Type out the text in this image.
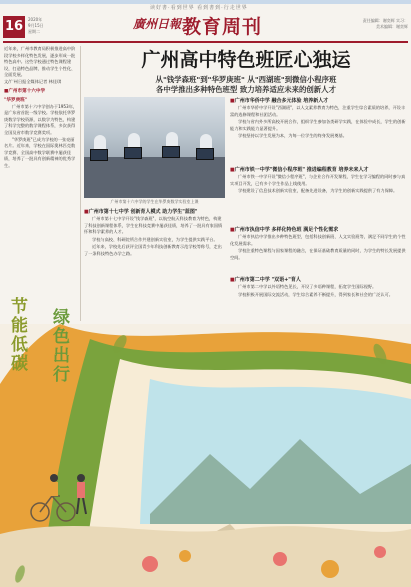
读好書·看到世界 看到書到·行走世界
16	2020年
9月15日
星期二
廣州日報 教育周刊	责任编辑：谢奕辉 实习：
美术编辑：谢奕辉

近年来，广州市教育局积极推进高中阶段学校多样化特色发展，逐步形成一批特色高中。这些学校通过特色课程建设，打造特色品牌，推动学生个性化、全面发展。

文/广州日报全媒体记者 林佳琪

■广州市第十六中学

"华罗庚班"

广州市第十六中学创办于1953年，是广东省首批一级学校。学校依托华罗庚数学学校资源，以数学为特色，构建了科学完整的数学课程体系，多次获得全国及省市数学竞赛奖项。

"华罗庚班"已成为学校的一张亮丽名片。近年来，学校在国际奥林匹克数学竞赛、全国高中数学联赛中屡获佳绩，培养了一批具有创新精神的优秀学生。

广州高中特色班匠心独运
从"钱学森班"到"华罗庚班" 从"西湖班"到微信小程序班
各中学推出多种特色班型 致力培养适应未来的创新人才
广州市第十六中学的学生在华罗庚数学实验室上课

■广州市第十七中学 创新育人模式 助力学生"蓝图"

广州市第十七中学开设"钱学森班"，以航空航天科技教育为特色，构建了科技创新课程体系，学生在科技竞赛中屡获佳绩，培养了一批具有家国情怀和科学素养的人才。

学校与高校、科研院所合作共建创新实验室，为学生提供实践平台。

近年来，学校先后获评全国青少年科技创新教育示范学校等称号，走出了一条科技特色办学之路。

■广州市华侨中学 融合多元体验 培养新人才

广州市华侨中学开设"西湖班"，以人文素养教育为特色，注重学生综合素质的培养，开设丰富的选修课程和社团活动。

学校与省内外多所高校开展合作，组织学生参加各类研学实践，在体验中成长，学生的创新能力和实践能力显著提升。

学校坚持以学生发展为本，为每一位学生的终身发展奠基。

■广州市铁一中学"微信小程序班" 推进编程教育 培养未来人才

广州市铁一中学开设"微信小程序班"，与企业合作开发课程，学生在学习编程的同时参与真实项目开发，已有多个学生作品上线使用。

学校建设了信息技术创新实验室，配备先进设备，为学生的创新实践提供了有力保障。

■广州市执信中学 多样化特色班 满足个性化需求

广州市执信中学推出多种特色班型，包括科技创新班、人文实验班等，满足不同学生的个性化发展需求。

学校注重特色课程与国家课程的融合，在保证基础教育质量的同时，为学生的特长发展提供空间。

■广州市第二中学 "双语+"育人

广州市第二中学以外语特色见长，开设了多语种课程，拓宽学生国际视野。

学校积极开展国际交流活动，学生综合素养不断提升，得到家长和社会的广泛认可。

节能低碳 绿色出行
